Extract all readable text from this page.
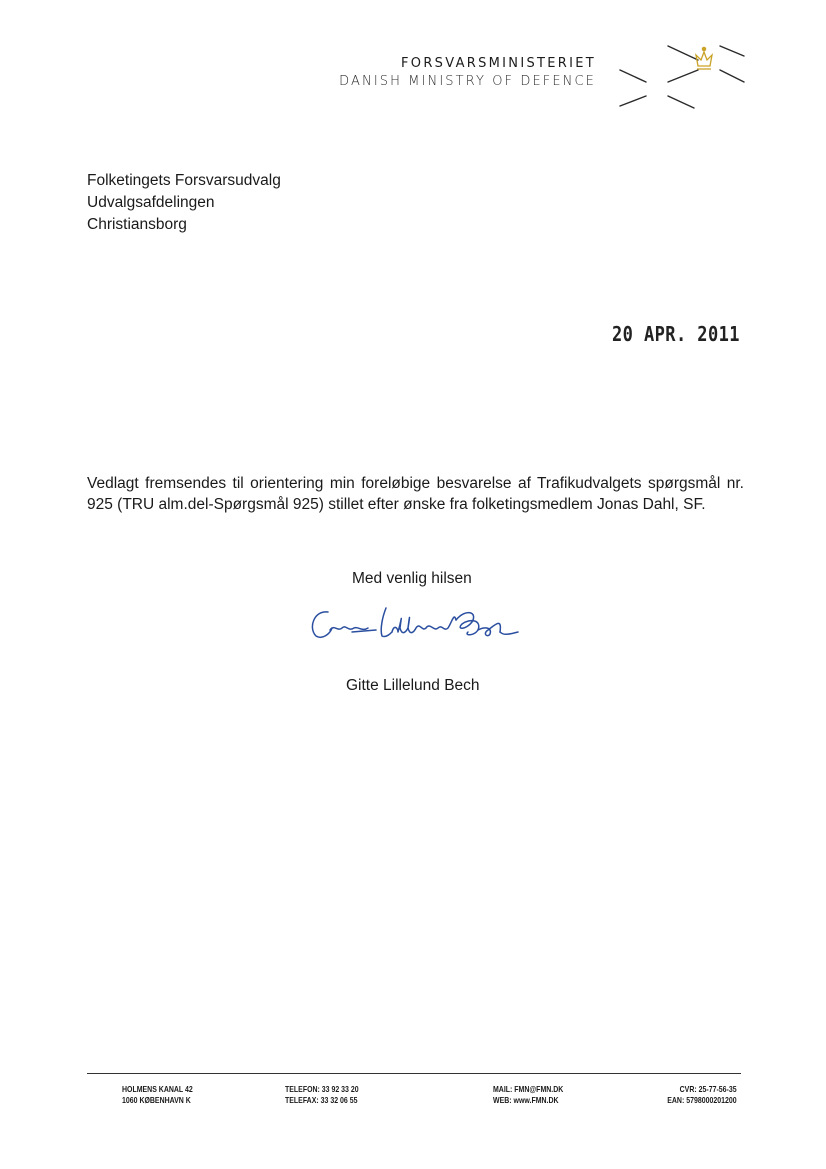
FORSVARSMINISTERIET
DANISH MINISTRY OF DEFENCE
Folketingets Forsvarsudvalg
Udvalgsafdelingen
Christiansborg
20 APR. 2011
Vedlagt fremsendes til orientering min foreløbige besvarelse af Trafikudvalgets spørgsmål nr. 925 (TRU alm.del-Spørgsmål 925) stillet efter ønske fra folketingsmedlem Jonas Dahl, SF.
Med venlig hilsen
Gitte Lillelund Bech
HOLMENS KANAL 42
1060 KØBENHAVN K
TELEFON: 33 92 33 20
TELEFAX: 33 32 06 55
MAIL: FMN@FMN.DK
WEB: www.FMN.DK
CVR: 25-77-56-35
EAN: 5798000201200
